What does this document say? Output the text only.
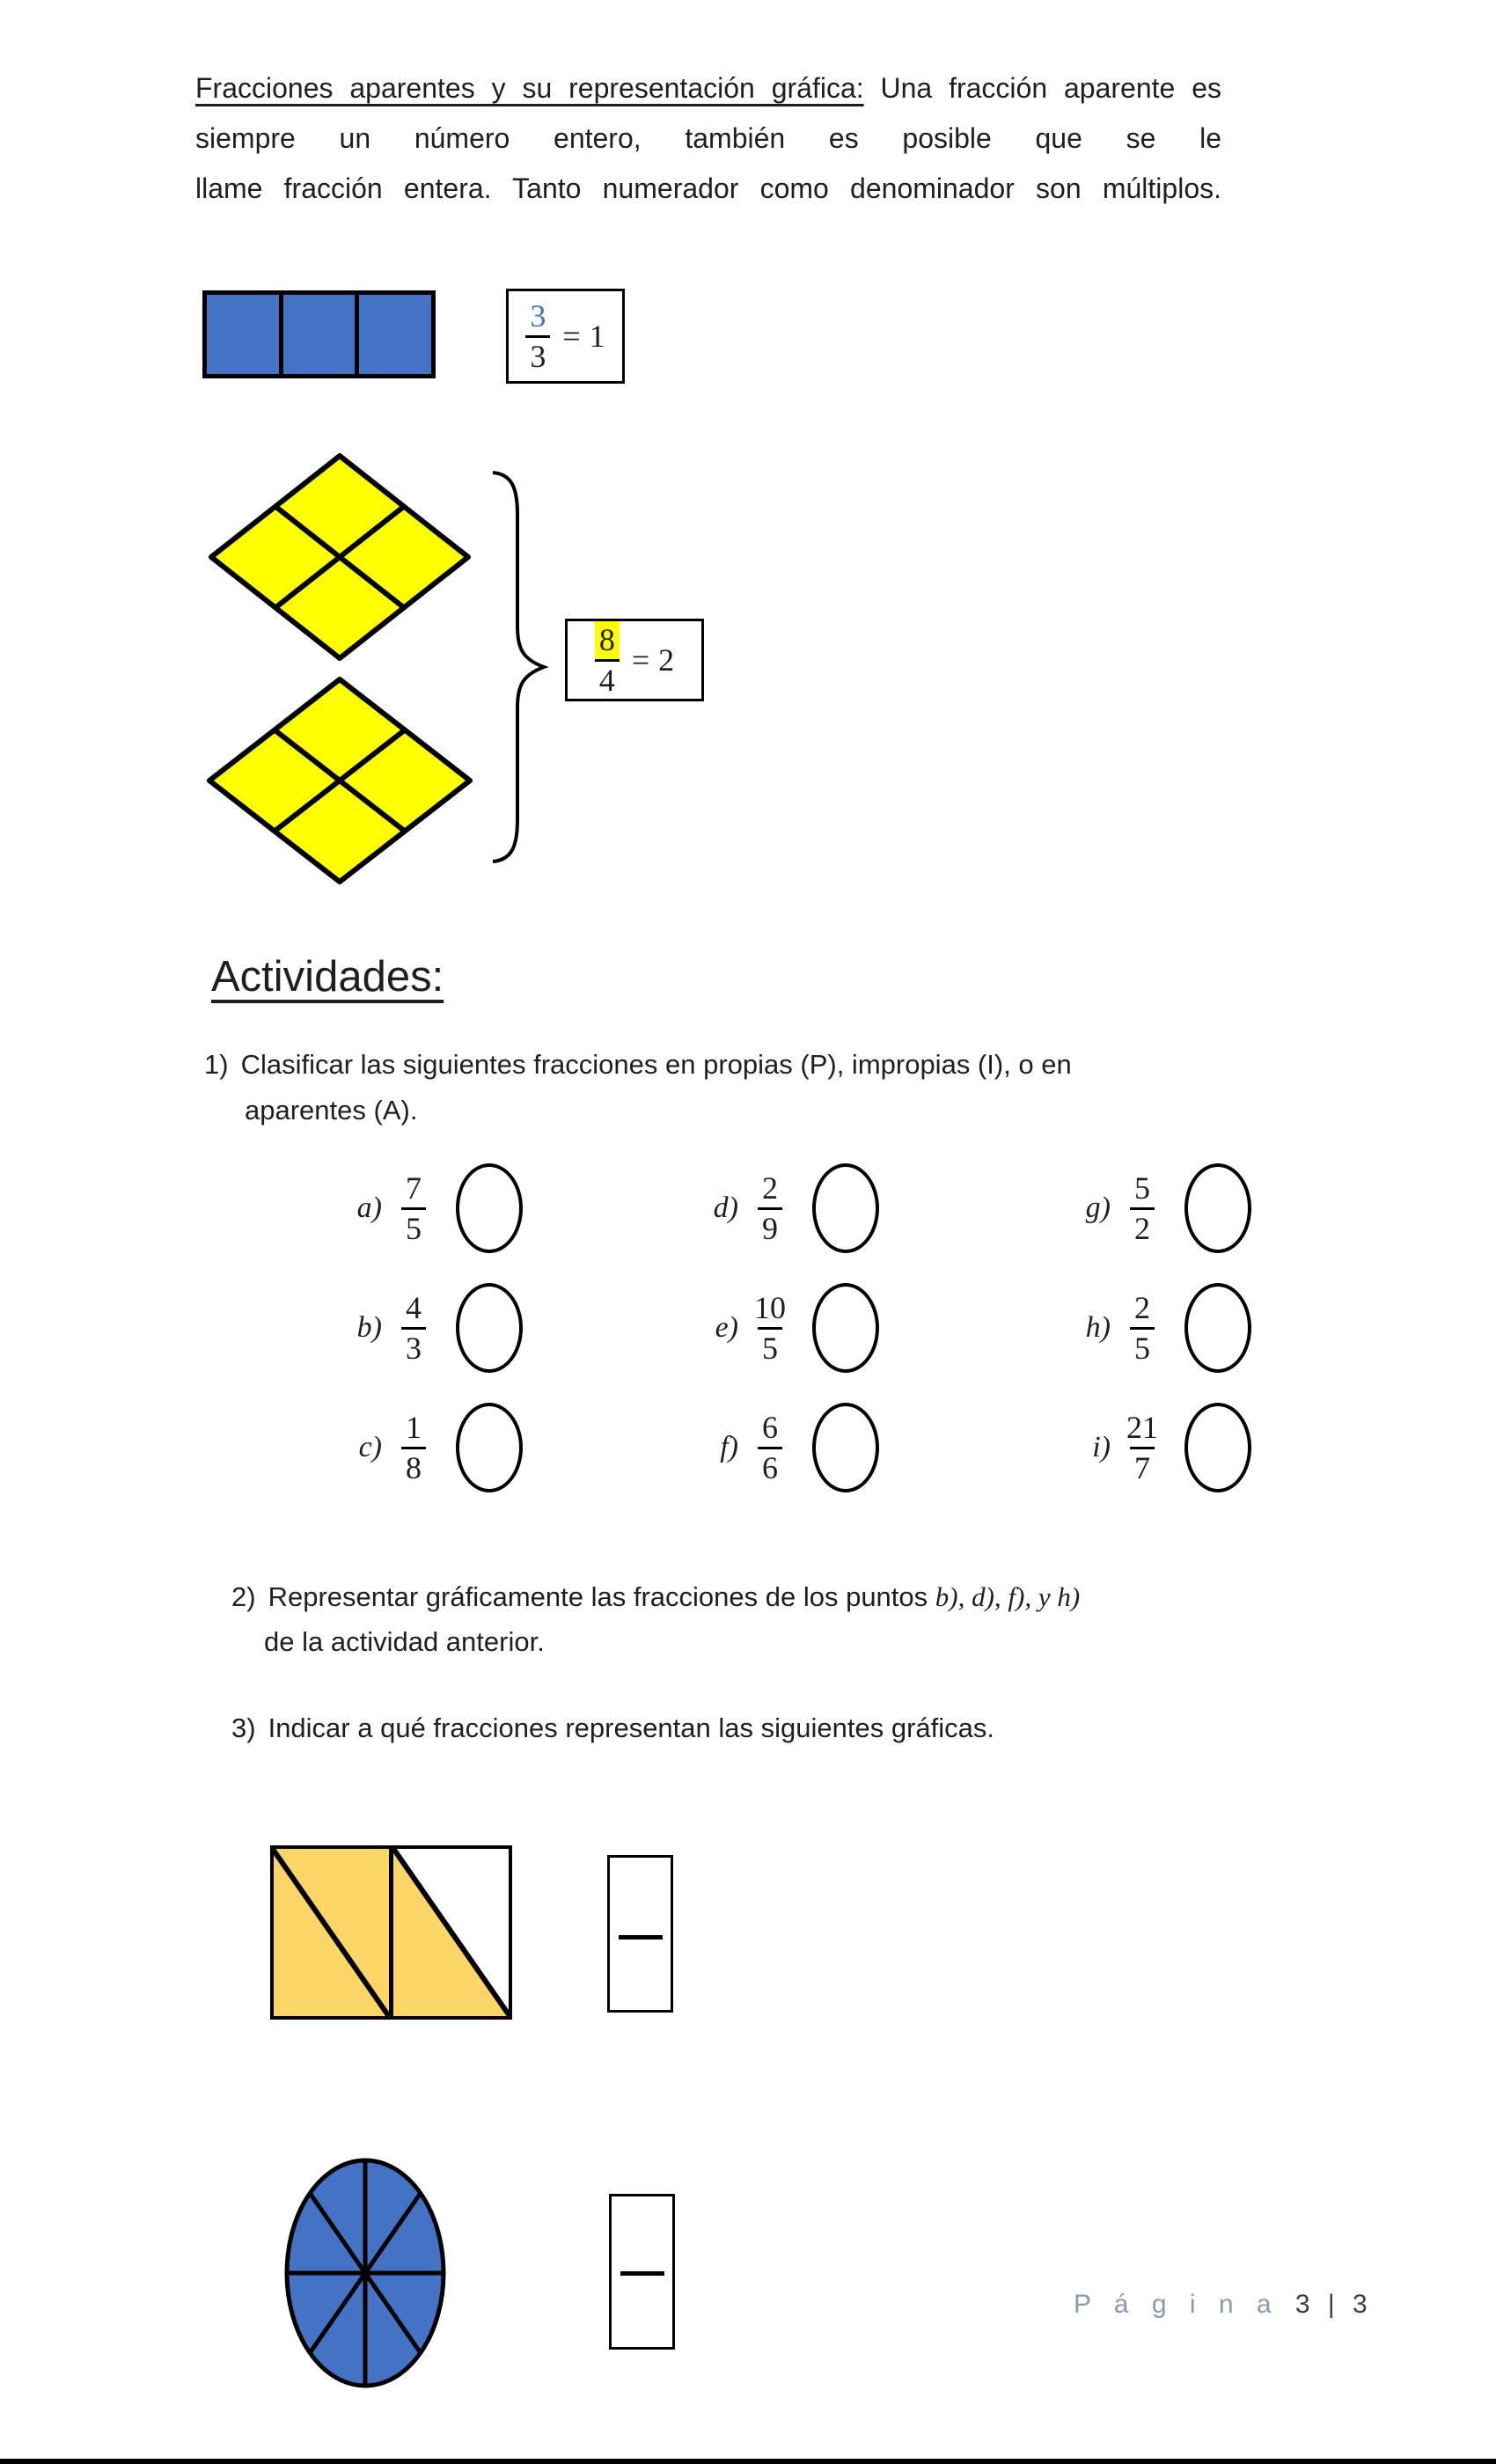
Fracciones aparentes y su representación gráfica: Una fracción aparente es
siempre un número entero, también es posible que se le
llame fracción entera. Tanto numerador como denominador son múltiplos.
$\frac{3}{3} = 1$
$\frac{8}{4} = 2$
Actividades:
1) Clasificar las siguientes fracciones en propias (P), impropias (I), o en
aparentes (A).
$a) \frac{7}{5}$
$b) \frac{4}{3}$
$c) \frac{1}{8}$
$d) \frac{2}{9}$
$e) \frac{10}{5}$
$f) \frac{6}{6}$
$g) \frac{5}{2}$
$h) \frac{2}{5}$
$i) \frac{21}{7}$
2) Representar gráficamente las fracciones de los puntos b), d), f), y h)
de la actividad anterior.
3) Indicar a qué fracciones representan las siguientes gráficas.
P á g i n a 3 | 3
